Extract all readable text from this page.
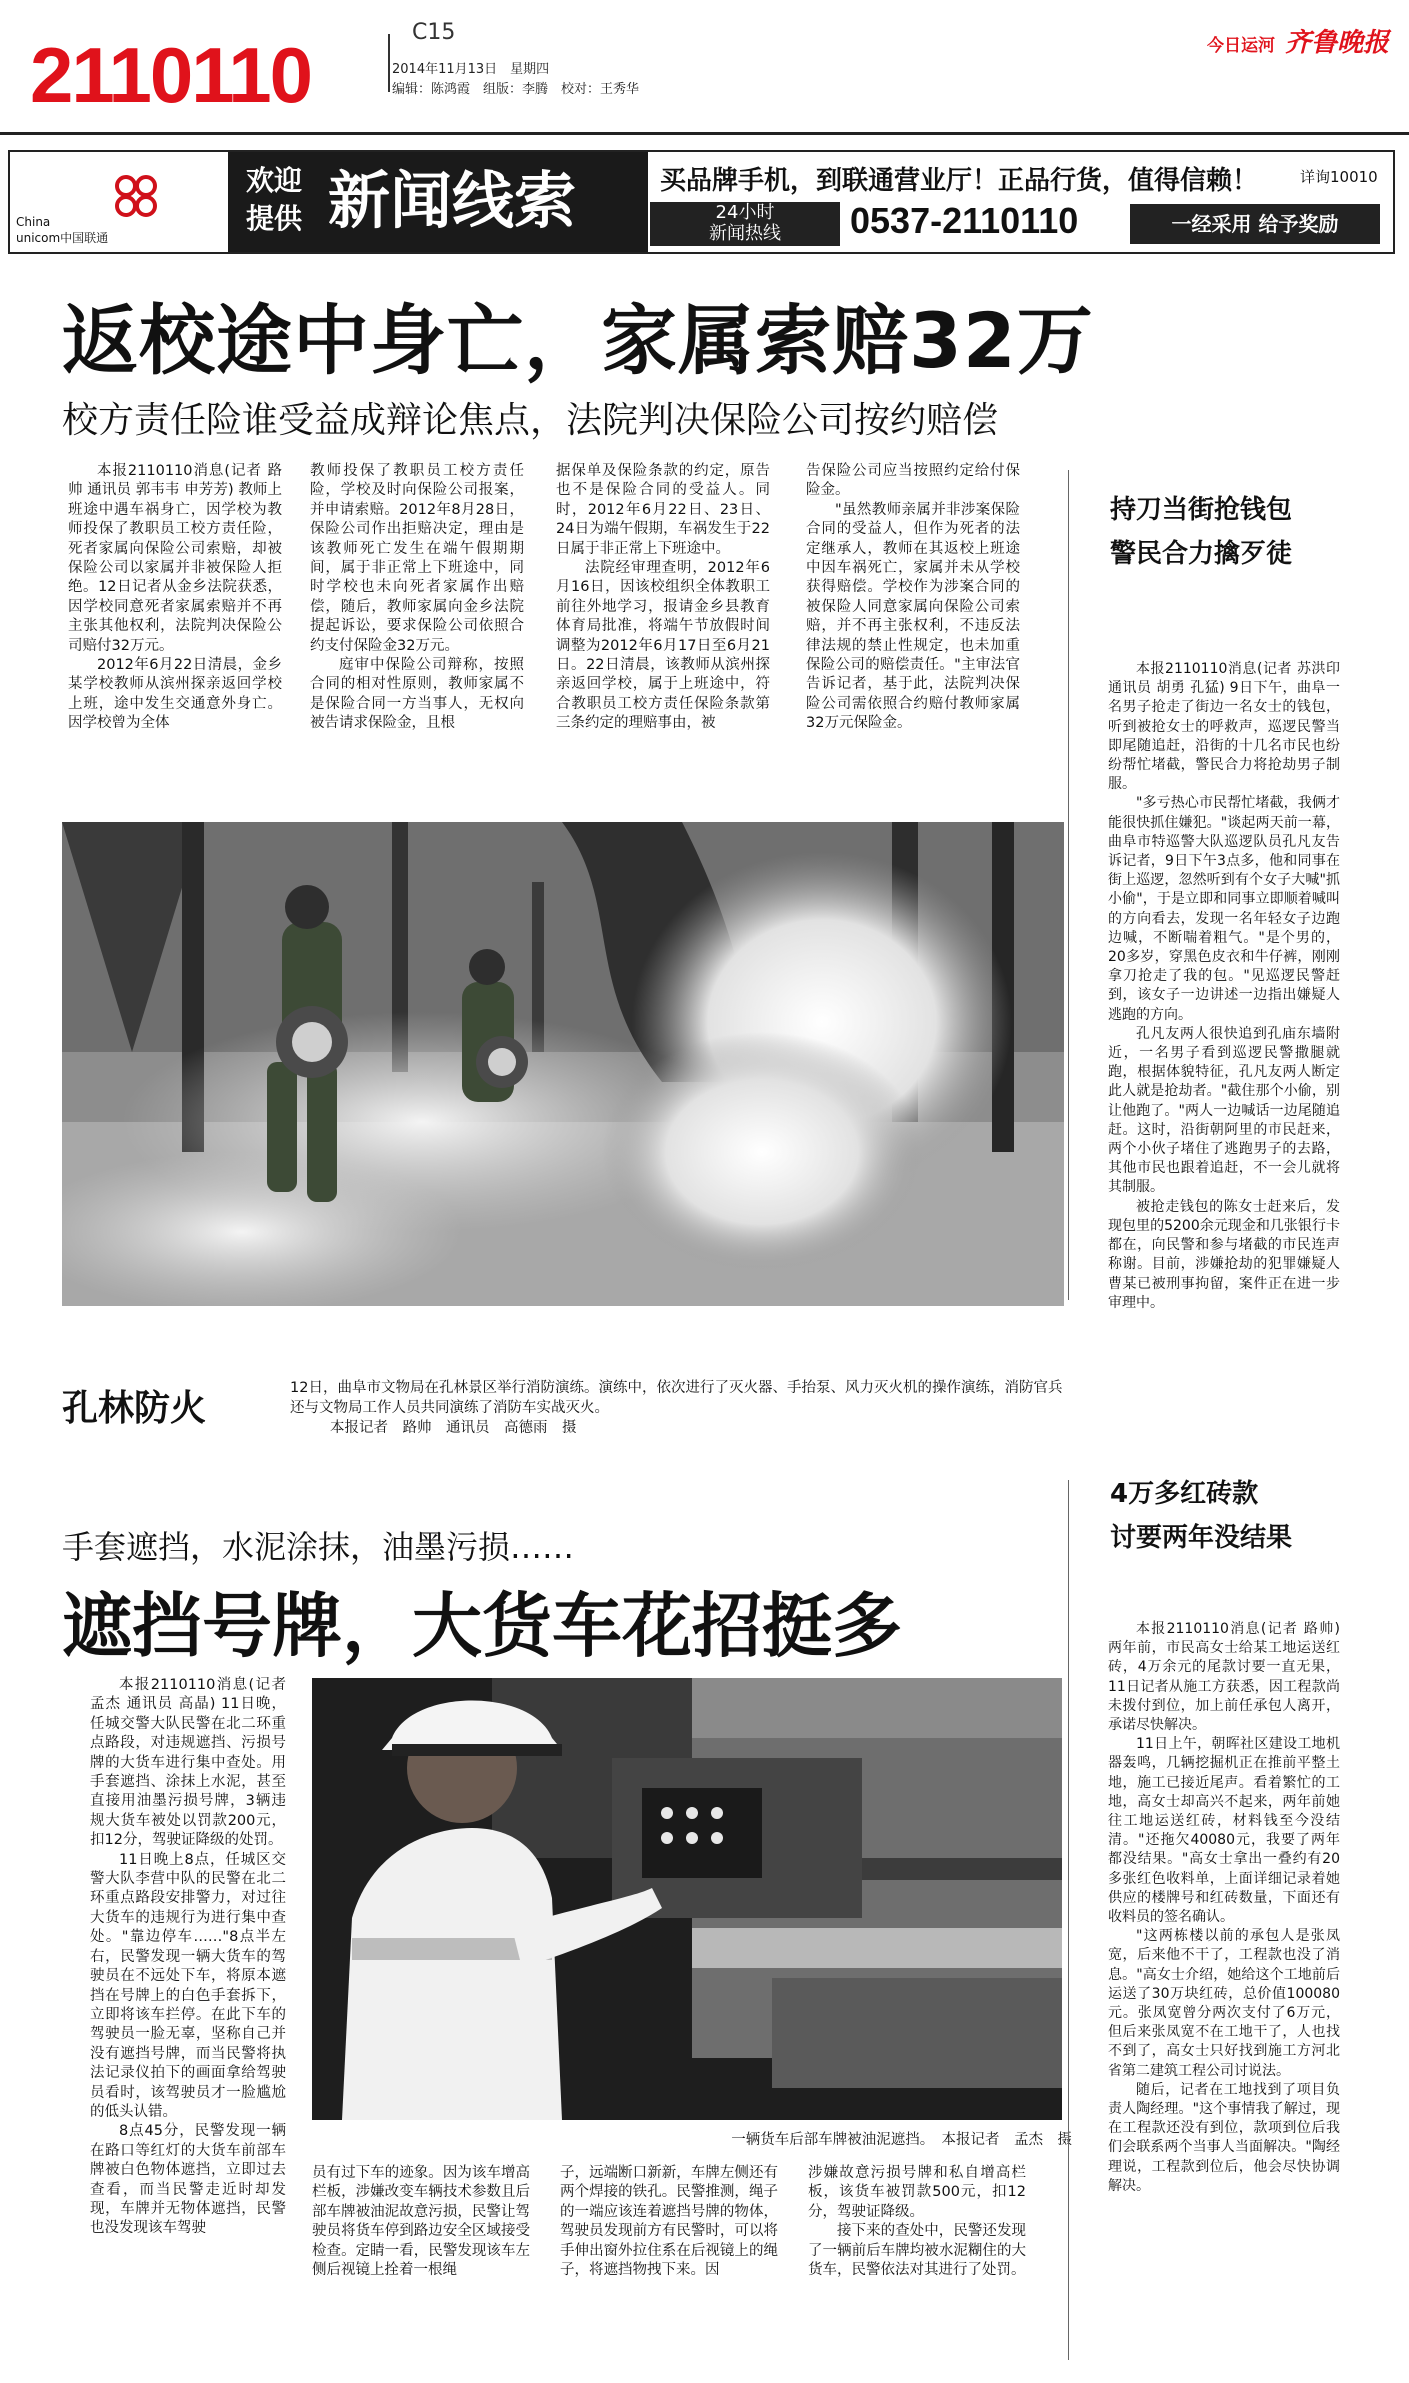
2110110	C15
2014年11月13日　星期四
编辑：陈鸿霞　组版：李腾　校对：王秀华
今日运河 齐鲁晚报
China
unicom中国联通
欢迎
提供 新闻线索	买品牌手机，到联通营业厅！正品行货，值得信赖！	详询10010
24小时
新闻热线	0537-2110110	一经采用 给予奖励
返校途中身亡，家属索赔32万
校方责任险谁受益成辩论焦点，法院判决保险公司按约赔偿

本报2110110消息(记者 路帅 通讯员 郭韦韦 申芳芳) 教师上班途中遇车祸身亡，因学校为教师投保了教职员工校方责任险，死者家属向保险公司索赔，却被保险公司以家属并非被保险人拒绝。12日记者从金乡法院获悉，因学校同意死者家属索赔并不再主张其他权利，法院判决保险公司赔付32万元。

2012年6月22日清晨，金乡某学校教师从滨州探亲返回学校上班，途中发生交通意外身亡。因学校曾为全体

教师投保了教职员工校方责任险，学校及时向保险公司报案，并申请索赔。2012年8月28日，保险公司作出拒赔决定，理由是该教师死亡发生在端午假期期间，属于非正常上下班途中，同时学校也未向死者家属作出赔偿，随后，教师家属向金乡法院提起诉讼，要求保险公司依照合约支付保险金32万元。

庭审中保险公司辩称，按照合同的相对性原则，教师家属不是保险合同一方当事人，无权向被告请求保险金，且根

据保单及保险条款的约定，原告也不是保险合同的受益人。同时，2012年6月22日、23日、24日为端午假期，车祸发生于22日属于非正常上下班途中。

法院经审理查明，2012年6月16日，因该校组织全体教职工前往外地学习，报请金乡县教育体育局批准，将端午节放假时间调整为2012年6月17日至6月21日。22日清晨，该教师从滨州探亲返回学校，属于上班途中，符合教职员工校方责任保险条款第三条约定的理赔事由，被

告保险公司应当按照约定给付保险金。

"虽然教师亲属并非涉案保险合同的受益人，但作为死者的法定继承人，教师在其返校上班途中因车祸死亡，家属并未从学校获得赔偿。学校作为涉案合同的被保险人同意家属向保险公司索赔，并不再主张权利，不违反法律法规的禁止性规定，也未加重保险公司的赔偿责任。"主审法官告诉记者，基于此，法院判决保险公司需依照合约赔付教师家属32万元保险金。

孔林防火	12日，曲阜市文物局在孔林景区举行消防演练。演练中，依次进行了灭火器、手抬泵、风力灭火机的操作演练，消防官兵还与文物局工作人员共同演练了消防车实战灭火。
本报记者　路帅　通讯员　高德雨　摄
持刀当街抢钱包
警民合力擒歹徒

本报2110110消息(记者 苏洪印 通讯员 胡勇 孔猛) 9日下午，曲阜一名男子抢走了街边一名女士的钱包，听到被抢女士的呼救声，巡逻民警当即尾随追赶，沿街的十几名市民也纷纷帮忙堵截，警民合力将抢劫男子制服。

"多亏热心市民帮忙堵截，我俩才能很快抓住嫌犯。"谈起两天前一幕，曲阜市特巡警大队巡逻队员孔凡友告诉记者，9日下午3点多，他和同事在街上巡逻，忽然听到有个女子大喊"抓小偷"，于是立即和同事立即顺着喊叫的方向看去，发现一名年轻女子边跑边喊，不断喘着粗气。"是个男的，20多岁，穿黑色皮衣和牛仔裤，刚刚拿刀抢走了我的包。"见巡逻民警赶到，该女子一边讲述一边指出嫌疑人逃跑的方向。

孔凡友两人很快追到孔庙东墙附近，一名男子看到巡逻民警撒腿就跑，根据体貌特征，孔凡友两人断定此人就是抢劫者。"截住那个小偷，别让他跑了。"两人一边喊话一边尾随追赶。这时，沿街朝阿里的市民赶来，两个小伙子堵住了逃跑男子的去路，其他市民也跟着追赶，不一会儿就将其制服。

被抢走钱包的陈女士赶来后，发现包里的5200余元现金和几张银行卡都在，向民警和参与堵截的市民连声称谢。目前，涉嫌抢劫的犯罪嫌疑人曹某已被刑事拘留，案件正在进一步审理中。

4万多红砖款
讨要两年没结果

本报2110110消息(记者 路帅) 两年前，市民高女士给某工地运送红砖，4万余元的尾款讨要一直无果，11日记者从施工方获悉，因工程款尚未拨付到位，加上前任承包人离开，承诺尽快解决。

11日上午，朝晖社区建设工地机器轰鸣，几辆挖掘机正在推前平整土地，施工已接近尾声。看着繁忙的工地，高女士却高兴不起来，两年前她往工地运送红砖，材料钱至今没结清。"还拖欠40080元，我要了两年都没结果。"高女士拿出一叠约有20多张红色收料单，上面详细记录着她供应的楼牌号和红砖数量，下面还有收料员的签名确认。

"这两栋楼以前的承包人是张凤宽，后来他不干了，工程款也没了消息。"高女士介绍，她给这个工地前后运送了30万块红砖，总价值100080元。张凤宽曾分两次支付了6万元，但后来张凤宽不在工地干了，人也找不到了，高女士只好找到施工方河北省第二建筑工程公司讨说法。

随后，记者在工地找到了项目负责人陶经理。"这个事情我了解过，现在工程款还没有到位，款项到位后我们会联系两个当事人当面解决。"陶经理说，工程款到位后，他会尽快协调解决。

手套遮挡，水泥涂抹，油墨污损……
遮挡号牌，大货车花招挺多

本报2110110消息(记者 孟杰 通讯员 高晶) 11日晚，任城交警大队民警在北二环重点路段，对违规遮挡、污损号牌的大货车进行集中查处。用手套遮挡、涂抹上水泥，甚至直接用油墨污损号牌，3辆违规大货车被处以罚款200元，扣12分，驾驶证降级的处罚。

11日晚上8点，任城区交警大队李营中队的民警在北二环重点路段安排警力，对过往大货车的违规行为进行集中查处。"靠边停车……"8点半左右，民警发现一辆大货车的驾驶员在不远处下车，将原本遮挡在号牌上的白色手套拆下，立即将该车拦停。在此下车的驾驶员一脸无辜，坚称自己并没有遮挡号牌，而当民警将执法记录仪拍下的画面拿给驾驶员看时，该驾驶员才一脸尴尬的低头认错。

8点45分，民警发现一辆在路口等红灯的大货车前部车牌被白色物体遮挡，立即过去查看，而当民警走近时却发现，车牌并无物体遮挡，民警也没发现该车驾驶

一辆货车后部车牌被油泥遮挡。　本报记者　孟杰　摄

员有过下车的迹象。因为该车增高栏板，涉嫌改变车辆技术参数且后部车牌被油泥故意污损，民警让驾驶员将货车停到路边安全区域接受检查。定睛一看，民警发现该车左侧后视镜上拴着一根绳

子，远端断口新新，车牌左侧还有两个焊接的铁孔。民警推测，绳子的一端应该连着遮挡号牌的物体，驾驶员发现前方有民警时，可以将手伸出窗外拉住系在后视镜上的绳子，将遮挡物拽下来。因

涉嫌故意污损号牌和私自增高栏板，该货车被罚款500元，扣12分，驾驶证降级。

接下来的查处中，民警还发现了一辆前后车牌均被水泥糊住的大货车，民警依法对其进行了处罚。
